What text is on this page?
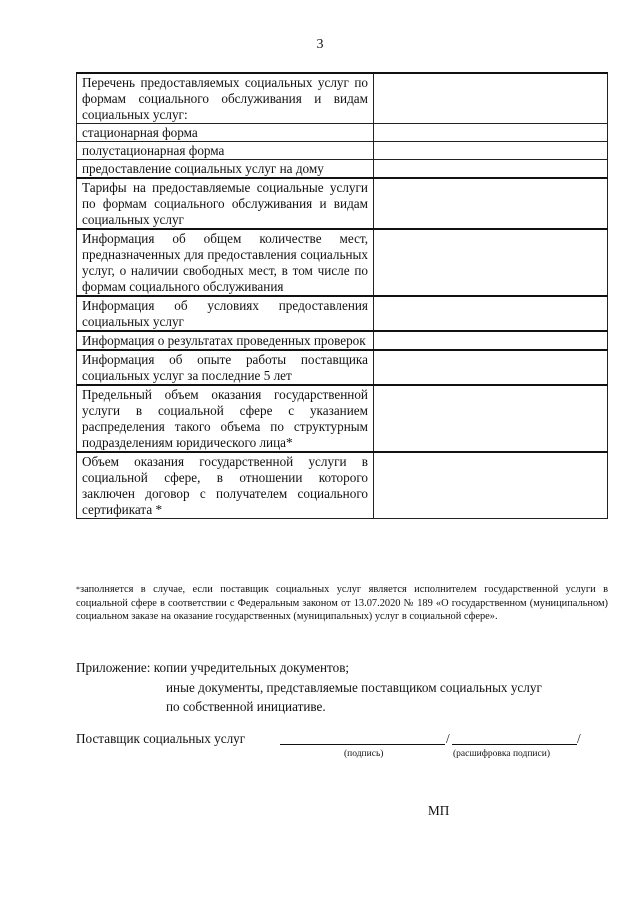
3
Перечень предоставляемых социальных услуг по формам социального обслуживания и видам социальных услуг:	
стационарная форма	
полустационарная форма	
предоставление социальных услуг на дому	
Тарифы на предоставляемые социальные услуги по формам социального обслуживания и видам социальных услуг	
Информация об общем количестве мест, предназначенных для предоставления социальных услуг, о наличии свободных мест, в том числе по формам социального обслуживания	
Информация об условиях предоставления социальных услуг	
Информация о результатах проведенных проверок	
Информация об опыте работы поставщика социальных услуг за последние 5 лет	
Предельный объем оказания государственной услуги в социальной сфере с указанием распределения такого объема по структурным подразделениям юридического лица*	
Объем оказания государственной услуги в социальной сфере, в отношении которого заключен договор с получателем социального сертификата *	
*заполняется в случае, если поставщик социальных услуг является исполнителем государственной услуги в социальной сфере в соответствии с Федеральным законом от 13.07.2020 № 189 «О государственном (муниципальном) социальном заказе на оказание государственных (муниципальных) услуг в социальной сфере».
Приложение: копии учредительных документов;
иные документы, представляемые поставщиком социальных услуг
по собственной инициативе.
Поставщик социальных услуг	/	/
(подпись)	(расшифровка подписи)
МП
